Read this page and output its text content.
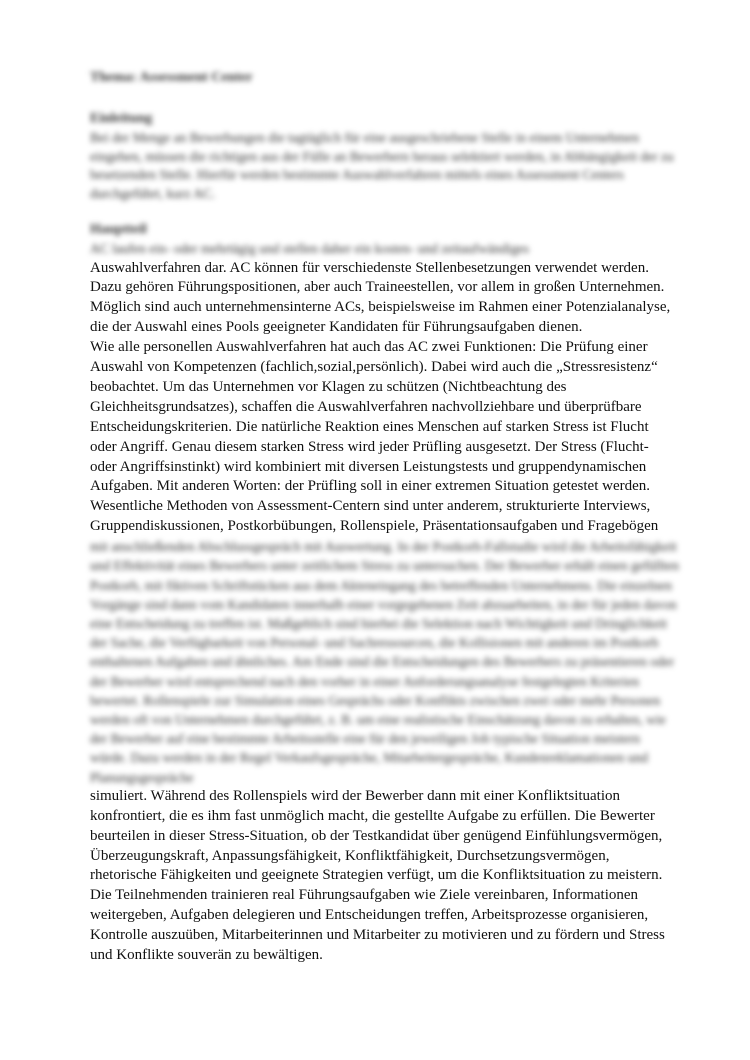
Thema: Assessment Center
Einleitung

Bei der Menge an Bewerbungen die tagtäglich für eine ausgeschriebene Stelle in einem Unternehmen eingehen, müssen die richtigen aus der Fülle an Bewerbern heraus selektiert werden, in Abhängigkeit der zu besetzenden Stelle. Hierfür werden bestimmte Auswahlverfahren mittels eines Assessment Centers durchgeführt, kurz AC.

Hauptteil

AC laufen ein- oder mehrtägig und stellen daher ein kosten- und zeitaufwändiges

Auswahlverfahren dar. AC können für verschiedenste Stellenbesetzungen verwendet werden.
Dazu gehören Führungspositionen, aber auch Traineestellen, vor allem in großen Unternehmen.
Möglich sind auch unternehmensinterne ACs, beispielsweise im Rahmen einer Potenzialanalyse,
die der Auswahl eines Pools geeigneter Kandidaten für Führungsaufgaben dienen.
Wie alle personellen Auswahlverfahren hat auch das AC zwei Funktionen: Die Prüfung einer
Auswahl von Kompetenzen (fachlich,sozial,persönlich). Dabei wird auch die „Stressresistenz“
beobachtet. Um das Unternehmen vor Klagen zu schützen (Nichtbeachtung des
Gleichheitsgrundsatzes), schaffen die Auswahlverfahren nachvollziehbare und überprüfbare
Entscheidungskriterien. Die natürliche Reaktion eines Menschen auf starken Stress ist Flucht
oder Angriff. Genau diesem starken Stress wird jeder Prüfling ausgesetzt. Der Stress (Flucht-
oder Angriffsinstinkt) wird kombiniert mit diversen Leistungstests und gruppendynamischen
Aufgaben. Mit anderen Worten: der Prüfling soll in einer extremen Situation getestet werden.
Wesentliche Methoden von Assessment-Centern sind unter anderem, strukturierte Interviews,
Gruppendiskussionen, Postkorbübungen, Rollenspiele, Präsentationsaufgaben und Fragebögen

mit anschließenden Abschlussgespräch mit Auswertung. In der Postkorb-Fallstudie wird die Arbeitsfähigkeit und Effektivität eines Bewerbers unter zeitlichem Stress zu untersuchen. Der Bewerber erhält einen gefüllten Postkorb, mit fiktiven Schriftstücken aus dem Akteneingang des betreffenden Unternehmens. Die einzelnen Vorgänge sind dann vom Kandidaten innerhalb einer vorgegebenen Zeit abzuarbeiten, in der für jeden davon eine Entscheidung zu treffen ist. Maßgeblich sind hierbei die Selektion nach Wichtigkeit und Dringlichkeit der Sache, die Verfügbarkeit von Personal- und Sachressourcen, die Kollisionen mit anderen im Postkorb enthaltenen Aufgaben und ähnliches. Am Ende sind die Entscheidungen des Bewerbers zu präsentieren oder der Bewerber wird entsprechend nach den vorher in einer Anforderungsanalyse festgelegten Kriterien bewertet. Rollenspiele zur Simulation eines Gesprächs oder Konflikts zwischen zwei oder mehr Personen werden oft von Unternehmen durchgeführt, z. B. um eine realistische Einschätzung davon zu erhalten, wie der Bewerber auf eine bestimmte Arbeitsstelle eine für den jeweiligen Job typische Situation meistern würde. Dazu werden in der Regel Verkaufsgespräche, Mitarbeitergespräche, Kundenreklamationen und Planungsgespräche

simuliert. Während des Rollenspiels wird der Bewerber dann mit einer Konfliktsituation
konfrontiert, die es ihm fast unmöglich macht, die gestellte Aufgabe zu erfüllen. Die Bewerter
beurteilen in dieser Stress-Situation, ob der Testkandidat über genügend Einfühlungsvermögen,
Überzeugungskraft, Anpassungsfähigkeit, Konfliktfähigkeit, Durchsetzungsvermögen,
rhetorische Fähigkeiten und geeignete Strategien verfügt, um die Konfliktsituation zu meistern.
Die Teilnehmenden trainieren real Führungsaufgaben wie Ziele vereinbaren, Informationen
weitergeben, Aufgaben delegieren und Entscheidungen treffen, Arbeitsprozesse organisieren,
Kontrolle auszuüben, Mitarbeiterinnen und Mitarbeiter zu motivieren und zu fördern und Stress
und Konflikte souverän zu bewältigen.
